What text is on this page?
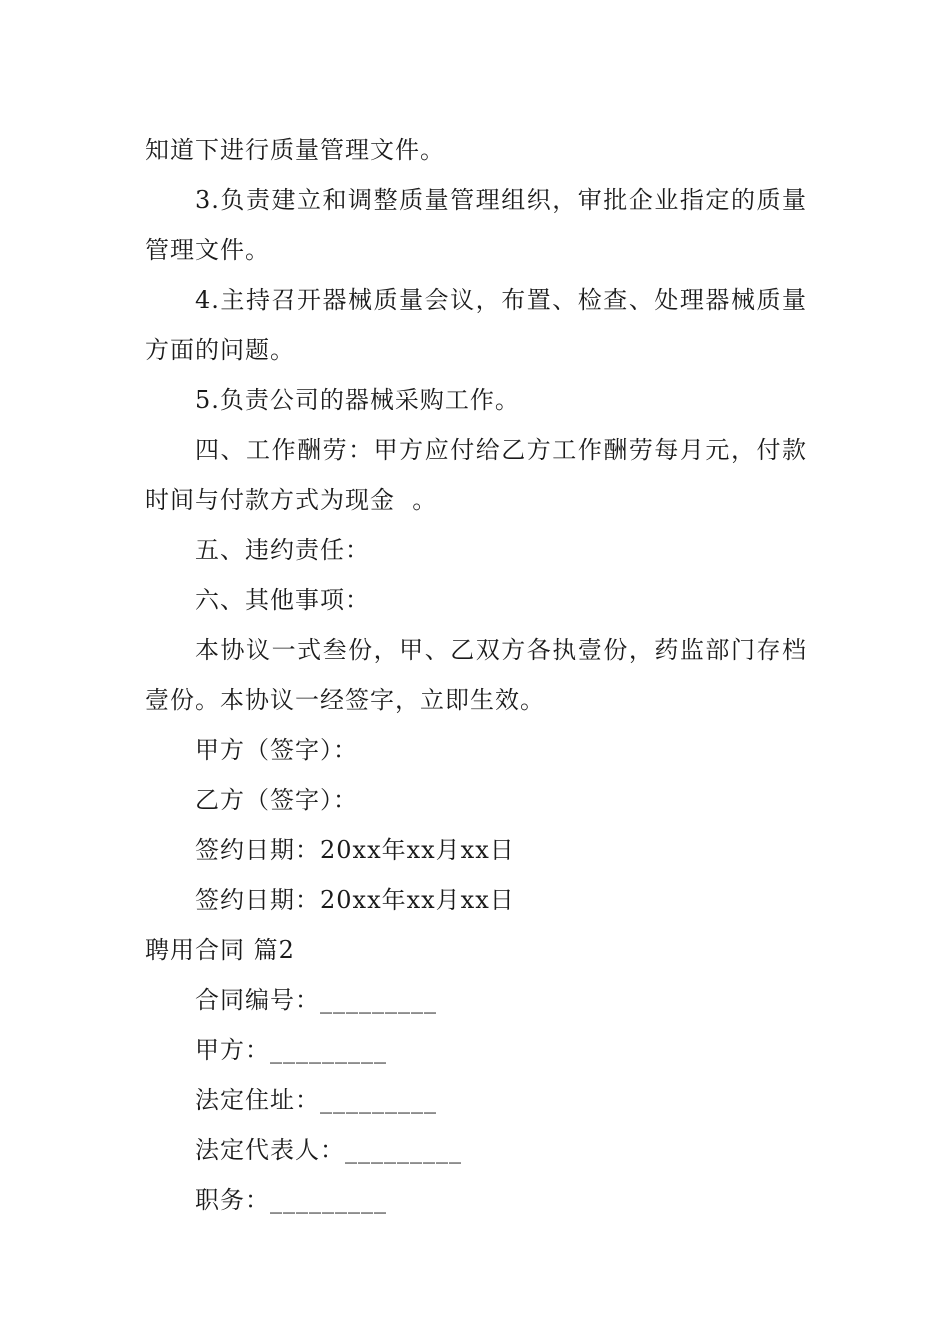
知道下进行质量管理文件。

3.负责建立和调整质量管理组织，审批企业指定的质量管理文件。

4.主持召开器械质量会议，布置、检查、处理器械质量方面的问题。

5.负责公司的器械采购工作。

四、工作酬劳：甲方应付给乙方工作酬劳每月元，付款时间与付款方式为现金  。

五、违约责任：

六、其他事项：

本协议一式叁份，甲、乙双方各执壹份，药监部门存档壹份。本协议一经签字，立即生效。

甲方（签字）：

乙方（签字）：

签约日期：20xx年xx月xx日

签约日期：20xx年xx月xx日

聘用合同 篇2

合同编号：_________

甲方：_________

法定住址：_________

法定代表人：_________

职务：_________
